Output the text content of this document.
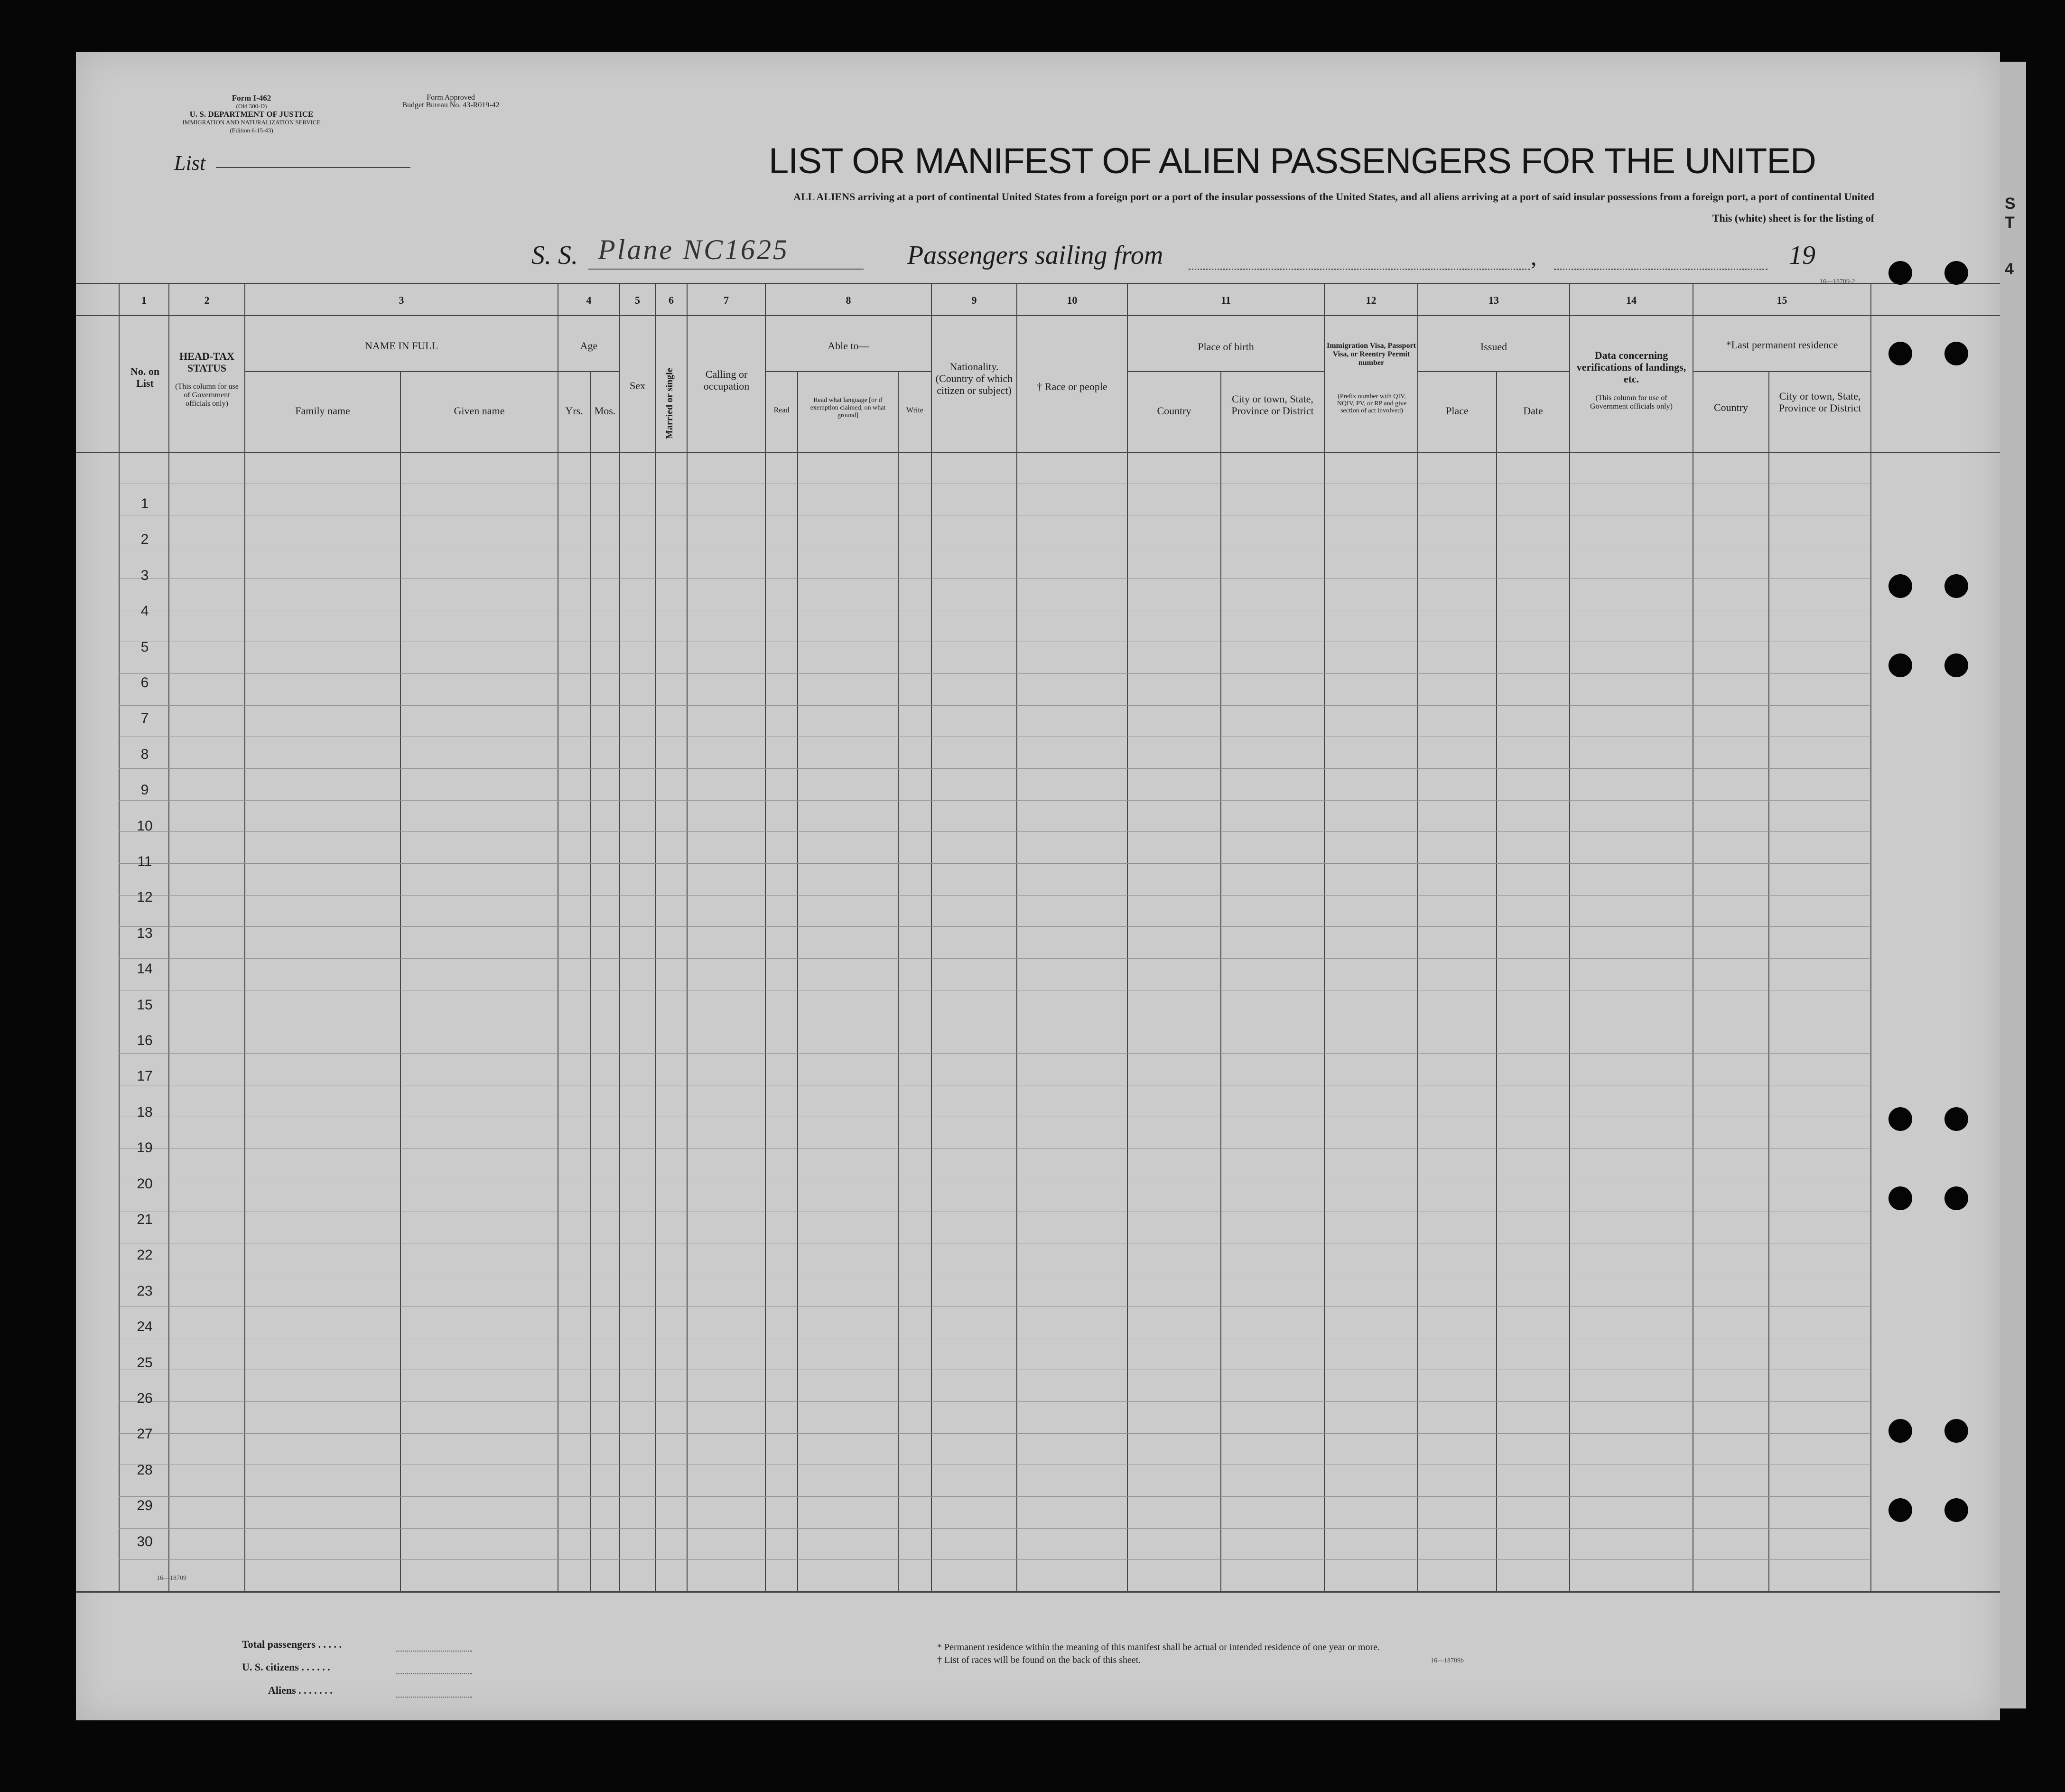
S
T
4
Form I-462
(Old 500-D)
U. S. DEPARTMENT OF JUSTICE
IMMIGRATION AND NATURALIZATION SERVICE
(Edition 6-15-43)
Form Approved
Budget Bureau No. 43-R019-42
List	LIST OR MANIFEST OF ALIEN PASSENGERS FOR THE UNITED
ALL ALIENS arriving at a port of continental United States from a foreign port or a port of the insular possessions of the United States, and all aliens arriving at a port of said insular possessions from a foreign port, a port of continental United
This (white) sheet is for the listing of
S. S. Plane NC1625	Passengers sailing from	,	19
16—18709-2
1	2	3	4	5	6	7	8	9	10	11	12	13	14	15
No. on List
HEAD-TAX STATUS
(This column for use of Government officials only)
NAME IN FULL
Family name	Given name
Age
Yrs.	Mos.
Sex	Married or single	Calling or occupation
Able to—
Read
Read what language [or if exemption claimed, on what ground]
Write
Nationality. (Country of which citizen or subject)	† Race or people
Place of birth
Country
City or town, State, Province or District
Immigration Visa, Passport Visa, or Reentry Permit number
(Prefix number with QIV, NQIV, PV, or RP and give section of act involved)
Issued
Place	Date
Data concerning verifications of landings, etc.
(This column for use of Government officials only)
*Last permanent residence
Country
City or town, State, Province or District
1
2
3
4
5
6
7
8
9
10
11
12
13
14
15
16
17
18
19
20
21
22
23
24
25
26
27
28
29
30
16—18709
Total passengers . . . . .
U. S. citizens . . . . . .
Aliens . . . . . . .
* Permanent residence within the meaning of this manifest shall be actual or intended residence of one year or more.
† List of races will be found on the back of this sheet.	16—18709b
